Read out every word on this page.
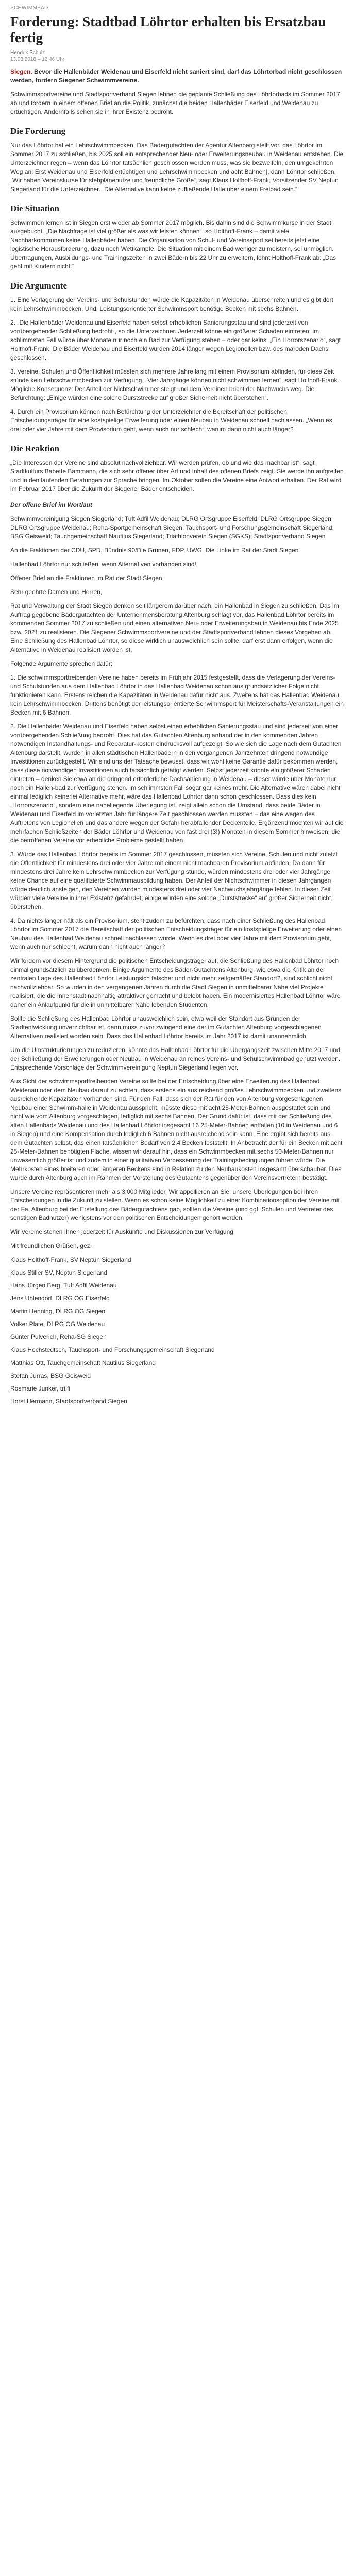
SCHWIMMBAD
Forderung: Stadtbad Löhrtor erhalten bis Ersatzbau fertig
Hendrik Schulz
13.03.2018 – 12:46 Uhr

Siegen. Bevor die Hallenbäder Weidenau und Eiserfeld nicht saniert sind, darf das Löhrtorbad nicht geschlossen werden, fordern Siegener Schwimmvereine.

Schwimmsportvereine und Stadtsportverband Siegen lehnen die geplante Schließung des Löhrtorbads im Sommer 2017 ab und fordern in einem offenen Brief an die Politik, zunächst die beiden Hallenbäder Eiserfeld und Weidenau zu ertüchtigen. Andernfalls sehen sie in ihrer Existenz bedroht.

Die Forderung

Nur das Löhrtor hat ein Lehrschwimmbecken. Das Bädergutachten der Agentur Altenberg stellt vor, das Löhrtor im Sommer 2017 zu schließen, bis 2025 soll ein entsprechender Neu- oder Erweiterungsneubau in Weidenau entstehen. Die Unterzeichner regen – wenn das Löhrtor tatsächlich geschlossen werden muss, was sie bezweifeln, den umgekehrten Weg an: Erst Weidenau und Eiserfeld ertüchtigen und Lehrschwimmbecken und acht Bahnen], dann Löhrtor schließen. „Wir haben Vereinskurse für stehplanenutze und freundliche Größe“, sagt Klaus Holthoff-Frank, Vorsitzender SV Neptun Siegerland für die Unterzeichner. „Die Alternative kann keine zufließende Halle über einem Freibad sein.“

Die Situation

Schwimmen lernen ist in Siegen erst wieder ab Sommer 2017 möglich. Bis dahin sind die Schwimmkurse in der Stadt ausgebucht. „Die Nachfrage ist viel größer als was wir leisten können“, so Holthoff-Frank – damit viele Nachbarkommunen keine Hallenbäder haben. Die Organisation von Schul- und Vereinssport sei bereits jetzt eine logistische Herausforderung, dazu noch Wettkämpfe. Die Situation mit einem Bad weniger zu meistern, sei unmöglich. Übertragungen, Ausbildungs- und Trainingszeiten in zwei Bädern bis 22 Uhr zu erweitern, lehnt Holthoff-Frank ab: „Das geht mit Kindern nicht.“

Die Argumente

1. Eine Verlagerung der Vereins- und Schulstunden würde die Kapazitäten in Weidenau überschreiten und es gibt dort kein Lehrschwimmbecken. Und: Leistungsorientierter Schwimmsport benötige Becken mit sechs Bahnen.

2. „Die Hallenbäder Weidenau und Eiserfeld haben selbst erheblichen Sanierungsstau und sind jederzeit von vorübergehender Schließung bedroht“, so die Unterzeichner. Jederzeit könne ein größerer Schaden eintreten; im schlimmsten Fall würde über Monate nur noch ein Bad zur Verfügung stehen – oder gar keins. „Ein Horrorszenario“, sagt Holthoff-Frank. Die Bäder Weidenau und Eiserfeld wurden 2014 länger wegen Legionellen bzw. des maroden Dachs geschlossen.

3. Vereine, Schulen und Öffentlichkeit müssten sich mehrere Jahre lang mit einem Provisorium abfinden, für diese Zeit stünde kein Lehrschwimmbecken zur Verfügung. „Vier Jahrgänge können nicht schwimmen lernen“, sagt Holthoff-Frank. Mögliche Konsequenz: Der Anteil der Nichtschwimmer steigt und dem Vereinen bricht der Nachwuchs weg. Die Befürchtung: „Einige würden eine solche Durststrecke auf großer Sicherheit nicht überstehen“.

4. Durch ein Provisorium können nach Befürchtung der Unterzeichner die Bereitschaft der politischen Entscheidungsträger für eine kostspielige Erweiterung oder einen Neubau in Weidenau schnell nachlassen. „Wenn es drei oder vier Jahre mit dem Provisorium geht, wenn auch nur schlecht, warum dann nicht auch länger?“

Die Reaktion

„Die Interessen der Vereine sind absolut nachvollziehbar. Wir werden prüfen, ob und wie das machbar ist“, sagt Stadtkulturs Babette Bammann, die sich sehr offener über Art und Inhalt des offenen Briefs zeigt. Sie werde ihn aufgreifen und in den laufenden Beratungen zur Sprache bringen. Im Oktober sollen die Vereine eine Antwort erhalten. Der Rat wird im Februar 2017 über die Zukunft der Siegener Bäder entscheiden.

Der offene Brief im Wortlaut

Schwimmvereinigung Siegen Siegerland; Tuft Adfil Weidenau; DLRG Ortsgruppe Eiserfeld, DLRG Ortsgruppe Siegen; DLRG Ortsgruppe Weidenau; Reha-Sportgemeinschaft Siegen; Tauchsport- und Forschungsgemeinschaft Siegerland; BSG Geisweid; Tauchgemeinschaft Nautilus Siegerland; Triathlonverein Siegen (SGKS); Stadtsportverband Siegen

An die Fraktionen der CDU, SPD, Bündnis 90/Die Grünen, FDP, UWG, Die Linke im Rat der Stadt Siegen

Hallenbad Löhrtor nur schließen, wenn Alternativen vorhanden sind!

Offener Brief an die Fraktionen im Rat der Stadt Siegen

Sehr geehrte Damen und Herren,

Rat und Verwaltung der Stadt Siegen denken seit längerem darüber nach, ein Hallenbad in Siegen zu schließen. Das im Auftrag gegebene Bädergutachten der Unternehmensberatung Altenburg schlägt vor, das Hallenbad Löhrtor bereits im kommenden Sommer 2017 zu schließen und einen alternativen Neu- oder Erweiterungsbau in Weidenau bis Ende 2025 bzw. 2021 zu realisieren. Die Siegener Schwimmsportvereine und der Stadtsportverband lehnen dieses Vorgehen ab. Eine Schließung des Hallenbad Löhrtor, so diese wirklich unausweichlich sein sollte, darf erst dann erfolgen, wenn die Alternative in Weidenau realisiert worden ist.

Folgende Argumente sprechen dafür:

1. Die schwimmsporttreibenden Vereine haben bereits im Frühjahr 2015 festgestellt, dass die Verlagerung der Vereins- und Schulstunden aus dem Hallenbad Löhrtor in das Hallenbad Weidenau schon aus grundsätzlicher Folge nicht funktionieren kann. Erstens reichen die Kapazitäten in Weidenau dafür nicht aus. Zweitens hat das Hallenbad Weidenau kein Lehrschwimmbecken. Drittens benötigt der leistungsorientierte Schwimmsport für Meisterschafts-Veranstaltungen ein Becken mit 6 Bahnen.

2. Die Hallenbäder Weidenau und Eiserfeld haben selbst einen erheblichen Sanierungsstau und sind jederzeit von einer vorübergehenden Schließung bedroht. Dies hat das Gutachten Altenburg anhand der in den kommenden Jahren notwendigen Instandhaltungs- und Reparatur-kosten eindrucksvoll aufgezeigt. So wie sich die Lage nach dem Gutachten Altenburg darstellt, wurden in allen städtischen Hallenbädern in den vergangenen Jahrzehnten dringend notwendige Investitionen zurückgestellt. Wir sind uns der Tatsache bewusst, dass wir wohl keine Garantie dafür bekommen werden, dass diese notwendigen Investitionen auch tatsächlich getätigt werden. Selbst jederzeit könnte ein größerer Schaden eintreten – denken Sie etwa an die dringend erforderliche Dachsanierung in Weidenau – dieser würde über Monate nur noch ein Hallen-bad zur Verfügung stehen. Im schlimmsten Fall sogar gar keines mehr. Die Alternative wären dabei nicht einmal lediglich keinerlei Alternative mehr, wäre das Hallenbad Löhrtor dann schon geschlossen. Dass dies kein „Horrorszenario“, sondern eine naheliegende Überlegung ist, zeigt allein schon die Umstand, dass beide Bäder in Weidenau und Eiserfeld im vorletzten Jahr für längere Zeit geschlossen werden mussten – das eine wegen des Auftretens von Legionellen und das andere wegen der Gefahr herabfallender Deckenteile. Ergänzend möchten wir auf die mehrfachen Schließzeiten der Bäder Löhrtor und Weidenau von fast drei (3!) Monaten in diesem Sommer hinweisen, die die betroffenen Vereine vor erhebliche Probleme gestellt haben.

3. Würde das Hallenbad Löhrtor bereits im Sommer 2017 geschlossen, müssten sich Vereine, Schulen und nicht zuletzt die Öffentlichkeit für mindestens drei oder vier Jahre mit einem nicht machbaren Provisorium abfinden. Da dann für mindestens drei Jahre kein Lehrschwimmbecken zur Verfügung stünde, würden mindestens drei oder vier Jahrgänge keine Chance auf eine qualifizierte Schwimmausbildung haben. Der Anteil der Nichtschwimmer in diesen Jahrgängen würde deutlich ansteigen, den Vereinen würden mindestens drei oder vier Nachwuchsjahrgänge fehlen. In dieser Zeit würden viele Vereine in ihrer Existenz gefährdet, einige würden eine solche „Durststrecke“ auf großer Sicherheit nicht überstehen.

4. Da nichts länger hält als ein Provisorium, steht zudem zu befürchten, dass nach einer Schließung des Hallenbad Löhrtor im Sommer 2017 die Bereitschaft der politischen Entscheidungsträger für ein kostspielige Erweiterung oder einen Neubau des Hallenbad Weidenau schnell nachlassen würde. Wenn es drei oder vier Jahre mit dem Provisorium geht, wenn auch nur schlecht, warum dann nicht auch länger?

Wir fordern vor diesem Hintergrund die politischen Entscheidungsträger auf, die Schließung des Hallenbad Löhrtor noch einmal grundsätzlich zu überdenken. Einige Argumente des Bäder-Gutachtens Altenburg, wie etwa die Kritik an der zentralen Lage des Hallenbad Löhrtor Leistungsich falscher und nicht mehr zeitgemäßer Standort?, sind schlicht nicht nachvollziehbar. So wurden in den vergangenen Jahren durch die Stadt Siegen in unmittelbarer Nähe viel Projekte realisiert, die die Innenstadt nachhaltig attraktiver gemacht und belebt haben. Ein modernisiertes Hallenbad Löhrtor wäre daher ein Anlaufpunkt für die in unmittelbarer Nähe lebenden Studenten.

Sollte die Schließung des Hallenbad Löhrtor unausweichlich sein, etwa weil der Standort aus Gründen der Stadtentwicklung unverzichtbar ist, dann muss zuvor zwingend eine der im Gutachten Altenburg vorgeschlagenen Alternativen realisiert worden sein. Dass das Hallenbad Löhrtor bereits im Jahr 2017 ist damit unannehmlich.

Um die Umstrukturierungen zu reduzieren, könnte das Hallenbad Löhrtor für die Übergangszeit zwischen Mitte 2017 und der Schließung der Erweiterungen oder Neubau in Weidenau an reines Vereins- und Schulschwimmbad genutzt werden. Entsprechende Vorschläge der Schwimmvereinigung Neptun Siegerland liegen vor.

Aus Sicht der schwimmsporttreibenden Vereine sollte bei der Entscheidung über eine Erweiterung des Hallenbad Weidenau oder dem Neubau darauf zu achten, dass erstens ein aus reichend großes Lehrschwimmbecken und zweitens ausreichende Kapazitäten vorhanden sind. Für den Fall, dass sich der Rat für den von Altenburg vorgeschlagenen Neubau einer Schwimm-halle in Weidenau ausspricht, müsste diese mit acht 25-Meter-Bahnen ausgestattet sein und nicht wie vom Altenburg vorgeschlagen, lediglich mit sechs Bahnen. Der Grund dafür ist, dass mit der Schließung des alten Hallenbads Weidenau und des Hallenbad Löhrtor insgesamt 16 25-Meter-Bahnen entfallen (10 in Weidenau und 6 in Siegen) und eine Kompensation durch lediglich 6 Bahnen nicht ausreichend sein kann. Eine ergibt sich bereits aus dem Gutachten selbst, das einen tatsächlichen Bedarf von 2,4 Becken feststellt. In Anbetracht der für ein Becken mit acht 25-Meter-Bahnen benötigten Fläche, wissen wir darauf hin, dass ein Schwimmbecken mit sechs 50-Meter-Bahnen nur unwesentlich größer ist und zudem in einer qualitativen Verbesserung der Trainingsbedingungen führen würde. Die Mehrkosten eines breiteren oder längeren Beckens sind in Relation zu den Neubaukosten insgesamt überschaubar. Dies wurde durch Altenburg auch im Rahmen der Vorstellung des Gutachtens gegenüber den Vereinsvertretern bestätigt.

Unsere Vereine repräsentieren mehr als 3.000 Mitglieder. Wir appellieren an Sie, unsere Überlegungen bei Ihren Entscheidungen in die Zukunft zu stellen. Wenn es schon keine Möglichkeit zu einer Kombinationsoption der Vereine mit der Fa. Altenburg bei der Erstellung des Bädergutachtens gab, sollten die Vereine (und ggf. Schulen und Vertreter des sonstigen Badnutzer) wenigstens vor den politischen Entscheidungen gehört werden.

Wir Vereine stehen Ihnen jederzeit für Auskünfte und Diskussionen zur Verfügung.

Mit freundlichen Grüßen, gez.

Klaus Holthoff-Frank, SV Neptun Siegerland

Klaus Stiller SV, Neptun Siegerland

Hans Jürgen Berg, Tuft Adfil Weidenau

Jens Uhlendorf, DLRG OG Eiserfeld

Martin Henning, DLRG OG Siegen

Volker Plate, DLRG OG Weidenau

Günter Pulverich, Reha-SG Siegen

Klaus Hochstedtsch, Tauchsport- und Forschungsgemeinschaft Siegerland

Matthias Ott, Tauchgemeinschaft Nautilus Siegerland

Stefan Jurras, BSG Geisweid

Rosmarie Junker, tri.fi

Horst Hermann, Stadtsportverband Siegen
